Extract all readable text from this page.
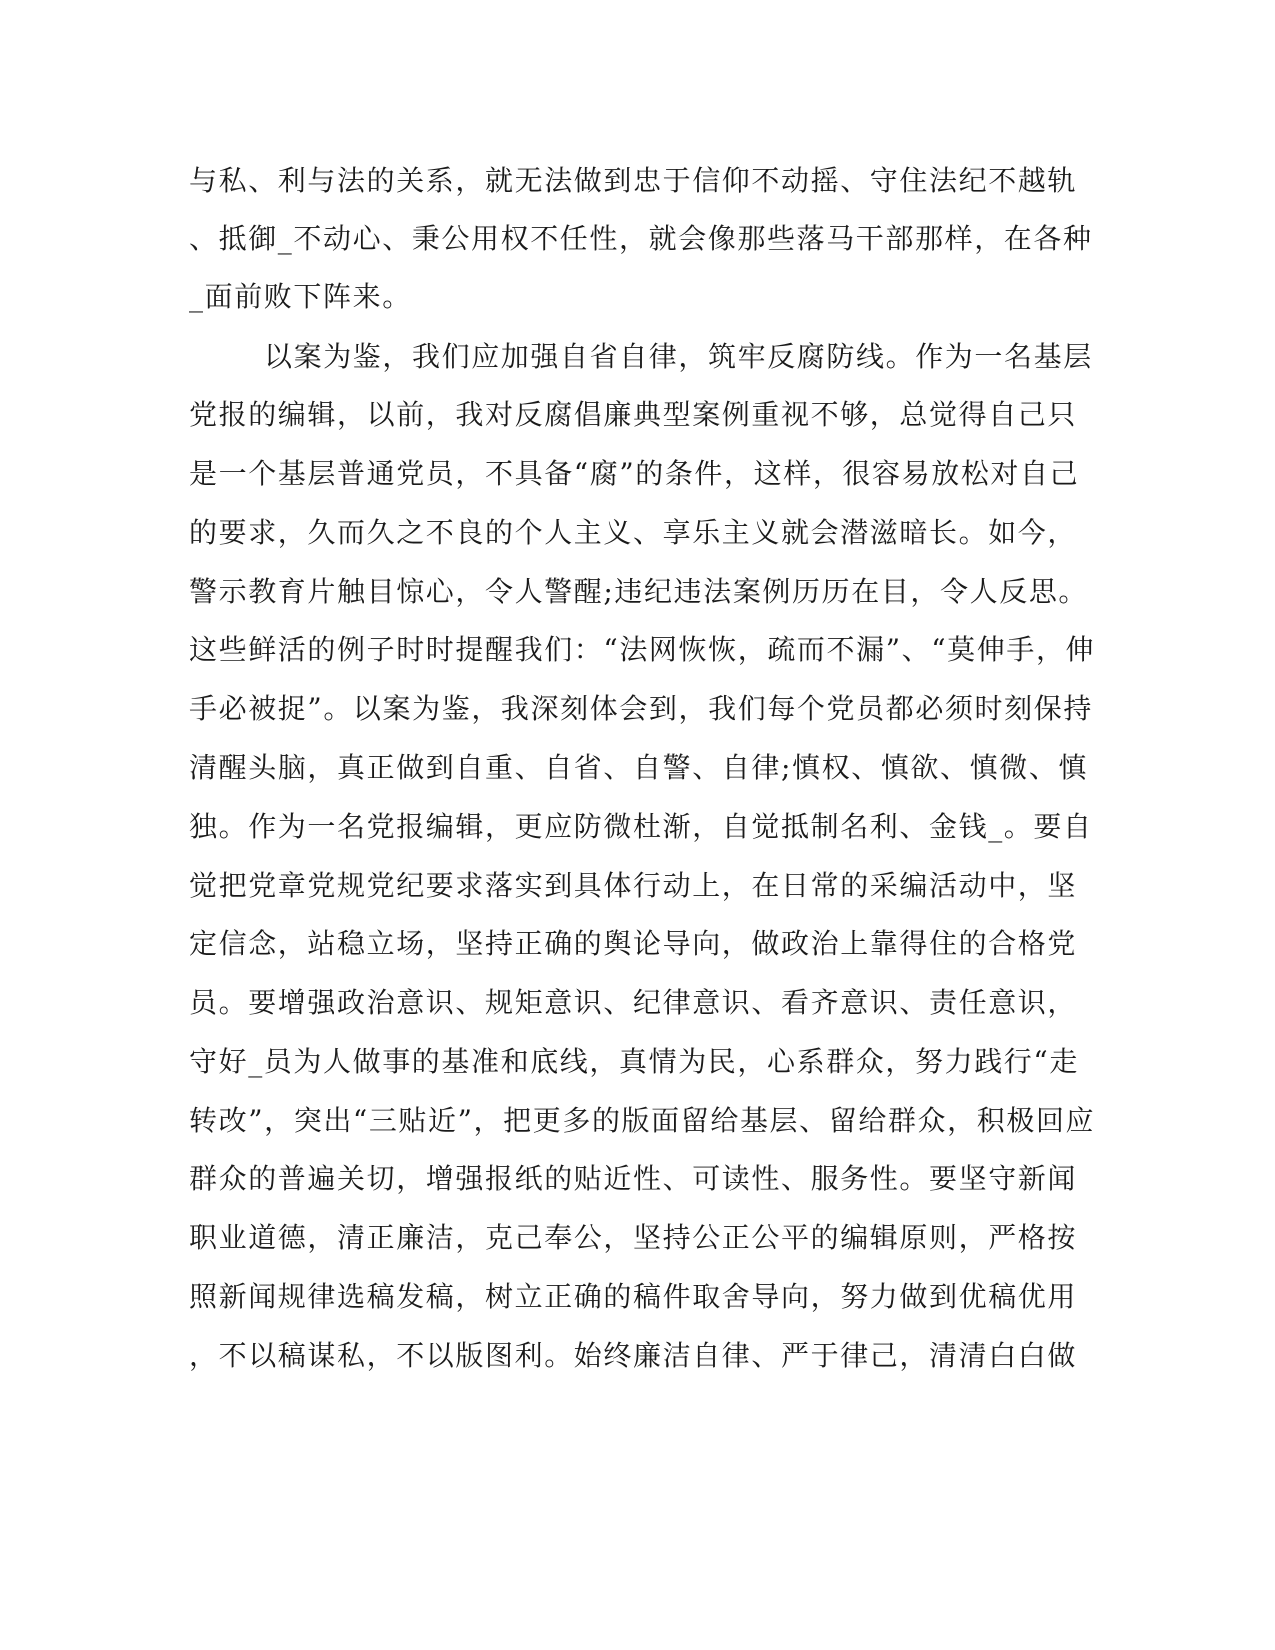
与私、利与法的关系，就无法做到忠于信仰不动摇、守住法纪不越轨
、抵御_不动心、秉公用权不任性，就会像那些落马干部那样，在各种
_面前败下阵来。
以案为鉴，我们应加强自省自律，筑牢反腐防线。作为一名基层
党报的编辑，以前，我对反腐倡廉典型案例重视不够，总觉得自己只
是一个基层普通党员，不具备“腐”的条件，这样，很容易放松对自己
的要求，久而久之不良的个人主义、享乐主义就会潜滋暗长。如今，
警示教育片触目惊心，令人警醒;违纪违法案例历历在目，令人反思。
这些鲜活的例子时时提醒我们：“法网恢恢，疏而不漏”、“莫伸手，伸
手必被捉”。以案为鉴，我深刻体会到，我们每个党员都必须时刻保持
清醒头脑，真正做到自重、自省、自警、自律;慎权、慎欲、慎微、慎
独。作为一名党报编辑，更应防微杜渐，自觉抵制名利、金钱_。要自
觉把党章党规党纪要求落实到具体行动上，在日常的采编活动中，坚
定信念，站稳立场，坚持正确的舆论导向，做政治上靠得住的合格党
员。要增强政治意识、规矩意识、纪律意识、看齐意识、责任意识，
守好_员为人做事的基准和底线，真情为民，心系群众，努力践行“走
转改”，突出“三贴近”，把更多的版面留给基层、留给群众，积极回应
群众的普遍关切，增强报纸的贴近性、可读性、服务性。要坚守新闻
职业道德，清正廉洁，克己奉公，坚持公正公平的编辑原则，严格按
照新闻规律选稿发稿，树立正确的稿件取舍导向，努力做到优稿优用
，不以稿谋私，不以版图利。始终廉洁自律、严于律己，清清白白做
